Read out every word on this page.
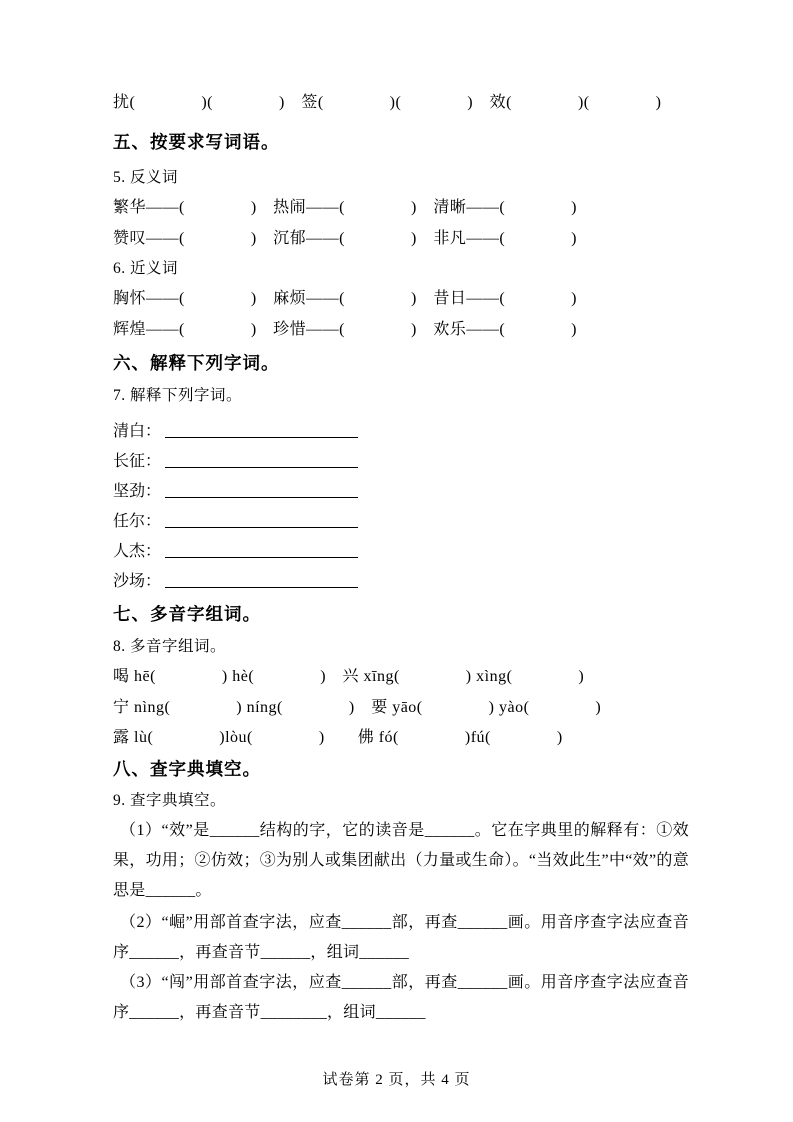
扰(　　　　)(　　　　)　签(　　　　)(　　　　)　效(　　　　)(　　　　)
五、按要求写词语。
5. 反义词
繁华——(　　　　)　热闹——(　　　　)　清晰——(　　　　)
赞叹——(　　　　)　沉郁——(　　　　)　非凡——(　　　　)
6. 近义词
胸怀——(　　　　)　麻烦——(　　　　)　昔日——(　　　　)
辉煌——(　　　　)　珍惜——(　　　　)　欢乐——(　　　　)
六、解释下列字词。
7. 解释下列字词。
清白：
长征：
坚劲：
任尔：
人杰：
沙场：
七、多音字组词。
8. 多音字组词。
喝 hē(　　　　) hè(　　　　)　兴 xīng(　　　　) xìng(　　　　)
宁 nìng(　　　　) níng(　　　　)　要 yāo(　　　　) yào(　　　　)
露 lù(　　　　)lòu(　　　　)　　佛 fó(　　　　)fú(　　　　)
八、查字典填空。
9. 查字典填空。

（1）“效”是______结构的字，它的读音是______。它在字典里的解释有：①效果，功用；②仿效；③为别人或集团献出（力量或生命）。“当效此生”中“效”的意思是______。

（2）“崛”用部首查字法，应查______部，再查______画。用音序查字法应查音序______，再查音节______，组词______

（3）“闯”用部首查字法，应查______部，再查______画。用音序查字法应查音序______，再查音节________，组词______

试卷第 2 页，共 4 页
